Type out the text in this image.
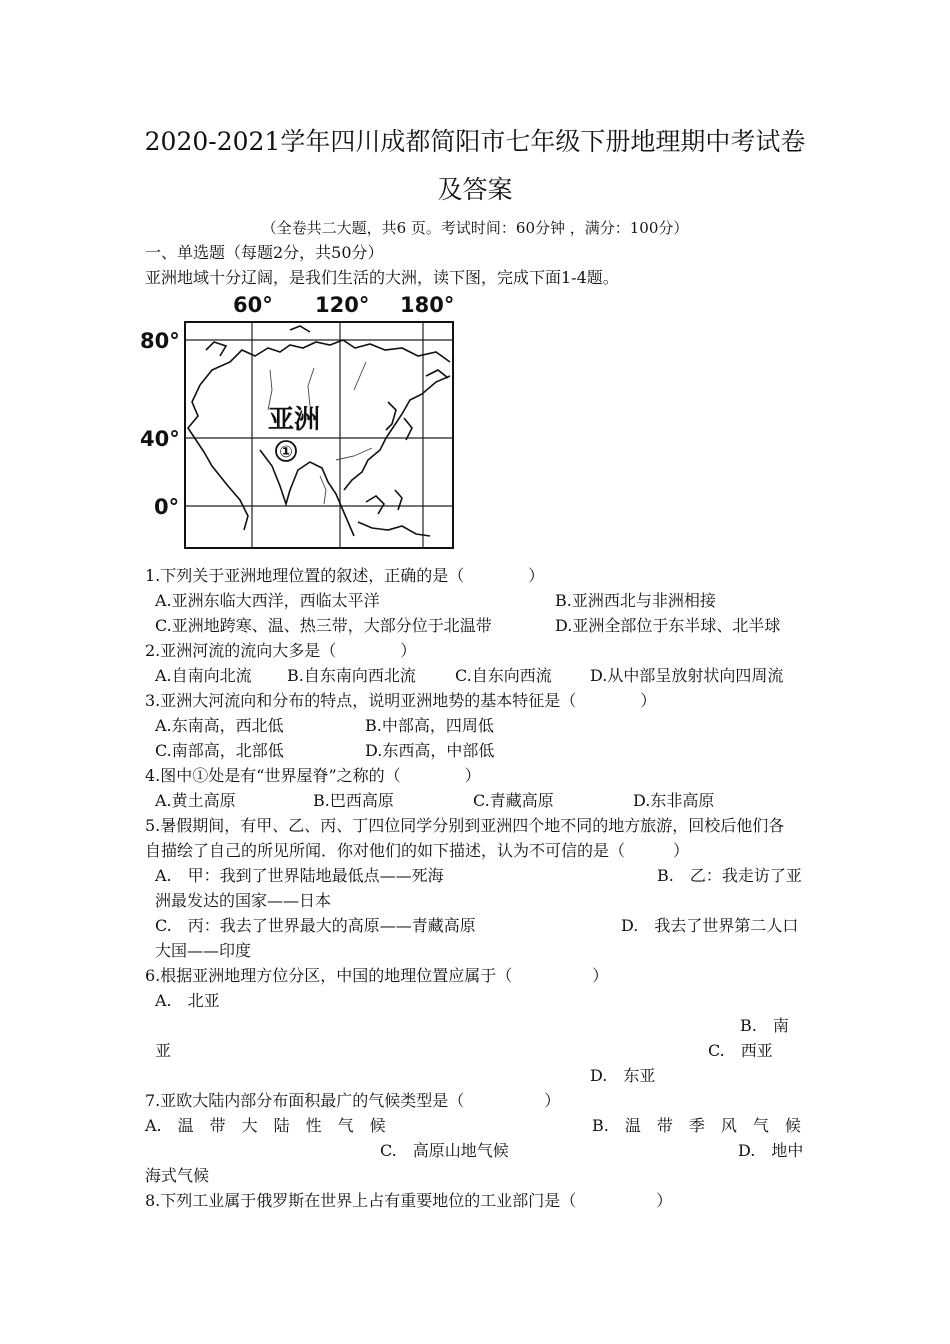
2020-2021学年四川成都简阳市七年级下册地理期中考试卷
及答案
（全卷共二大题，共6 页。考试时间：60分钟 ，满分：100分）
一、单选题（每题2分，共50分）
亚洲地域十分辽阔，是我们生活的大洲，读下图，完成下面1-4题。
60° 120° 180°
80°
40°
0°
亚洲
①
1.下列关于亚洲地理位置的叙述，正确的是（　　　　）
A.亚洲东临大西洋，西临太平洋	B.亚洲西北与非洲相接
C.亚洲地跨寒、温、热三带，大部分位于北温带	D.亚洲全部位于东半球、北半球
2.亚洲河流的流向大多是（　　　　）
A.自南向北流 B.自东南向西北流 C.自东向西流 D.从中部呈放射状向四周流
3.亚洲大河流向和分布的特点，说明亚洲地势的基本特征是（　　　　）
A.东南高，西北低	B.中部高，四周低
C.南部高，北部低	D.东西高，中部低
4.图中①处是有“世界屋脊”之称的（　　　　）
A.黄土高原	B.巴西高原	C.青藏高原	D.东非高原
5.暑假期间，有甲、乙、丙、丁四位同学分别到亚洲四个地不同的地方旅游，回校后他们各
自描绘了自己的所见所闻．你对他们的如下描述，认为不可信的是（　　　）
A.　甲：我到了世界陆地最低点——死海	B.　乙：我走访了亚
洲最发达的国家——日本
C.　丙：我去了世界最大的高原——青藏高原	D.　我去了世界第二人口
大国——印度
6.根据亚洲地理方位分区，中国的地理位置应属于（　　　　　）
A.　北亚
B.　南
亚	C.　西亚
D.　东亚
7.亚欧大陆内部分布面积最广的气候类型是（　　　　　）
A.　温　带　大　陆　性　气　候	B.　温　带　季　风　气　候
C.　高原山地气候	D.　地中
海式气候
8.下列工业属于俄罗斯在世界上占有重要地位的工业部门是（　　　　　）
